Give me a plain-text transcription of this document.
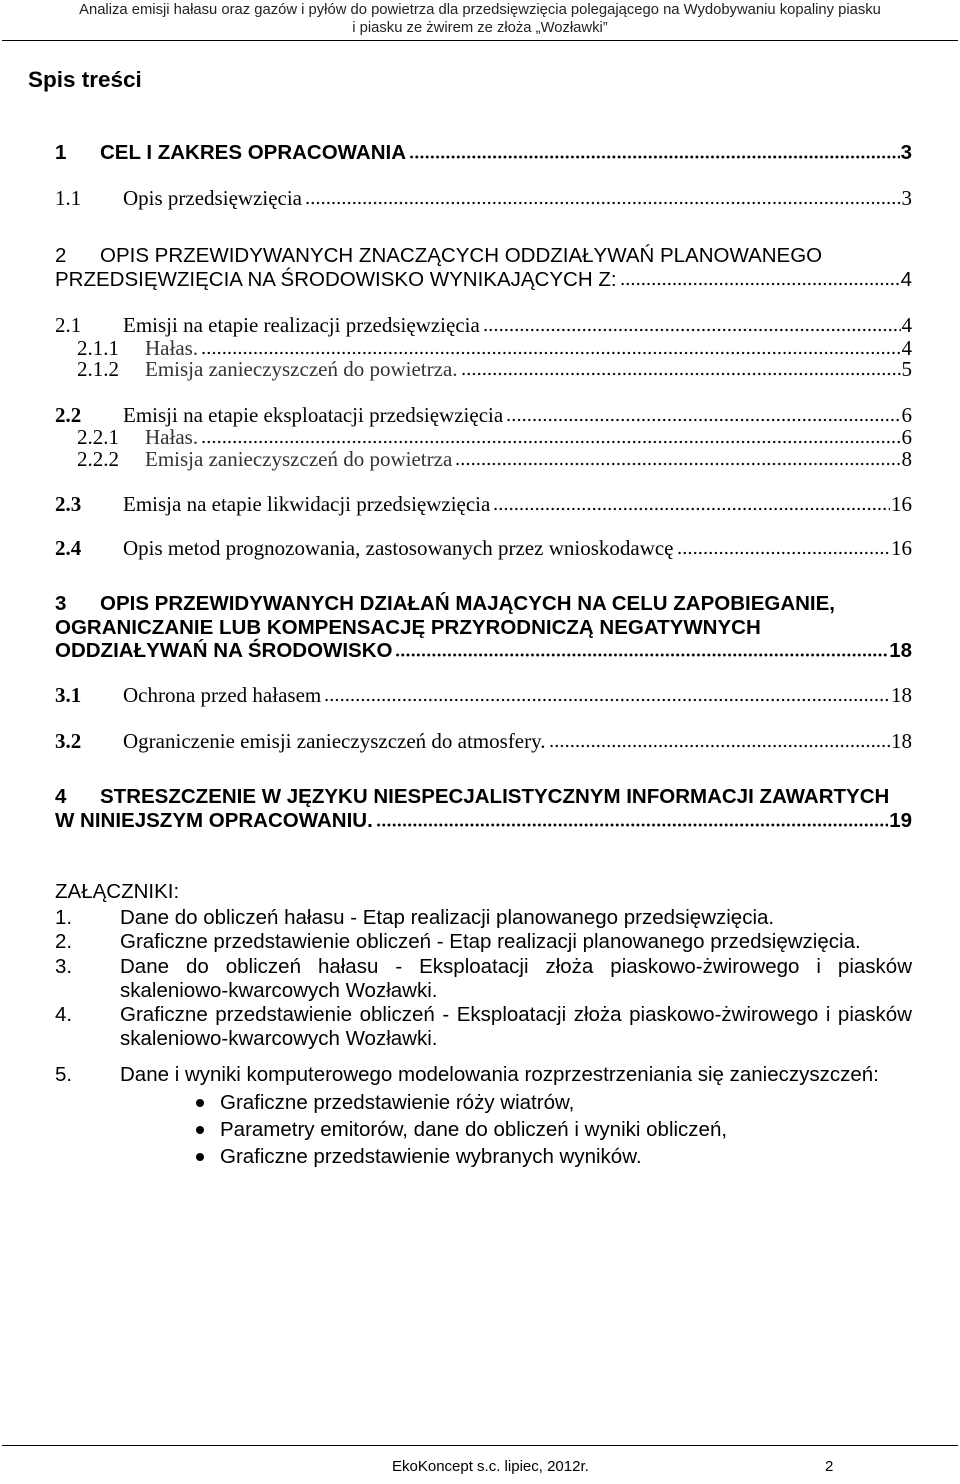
Analiza emisji hałasu oraz gazów i pyłów do powietrza dla przedsięwzięcia polegającego na Wydobywaniu kopaliny piasku
i piasku ze żwirem ze złoża „Wozławki”
Spis treści
1	CEL I ZAKRES OPRACOWANIA	3
1.1	Opis przedsięwzięcia	3
2 OPIS PRZEWIDYWANYCH ZNACZĄCYCH ODDZIAŁYWAŃ PLANOWANEGO
PRZEDSIĘWZIĘCIA NA ŚRODOWISKO WYNIKAJĄCYCH Z:	4
2.1	Emisji na etapie realizacji przedsięwzięcia	4
2.1.1	Hałas.	4
2.1.2	Emisja zanieczyszczeń do powietrza.	5
2.2	Emisji na etapie eksploatacji przedsięwzięcia	6
2.2.1	Hałas.	6
2.2.2	Emisja zanieczyszczeń do powietrza	8
2.3	Emisja na etapie likwidacji przedsięwzięcia	16
2.4	Opis metod prognozowania, zastosowanych przez wnioskodawcę	16
3 OPIS PRZEWIDYWANYCH DZIAŁAŃ MAJĄCYCH NA CELU ZAPOBIEGANIE,
OGRANICZANIE LUB KOMPENSACJĘ PRZYRODNICZĄ NEGATYWNYCH
ODDZIAŁYWAŃ NA ŚRODOWISKO	18
3.1	Ochrona przed hałasem	18
3.2	Ograniczenie emisji zanieczyszczeń do atmosfery.	18
4 STRESZCZENIE W JĘZYKU NIESPECJALISTYCZNYM INFORMACJI ZAWARTYCH
W NINIEJSZYM OPRACOWANIU.	19
ZAŁĄCZNIKI:
1. Dane do obliczeń hałasu - Etap realizacji planowanego przedsięwzięcia.
2. Graficzne przedstawienie obliczeń - Etap realizacji planowanego przedsięwzięcia.
3. Dane do obliczeń hałasu - Eksploatacji złoża piaskowo-żwirowego i piasków
skaleniowo-kwarcowych Wozławki.
4. Graficzne przedstawienie obliczeń - Eksploatacji złoża piaskowo-żwirowego i piasków
skaleniowo-kwarcowych Wozławki.
5. Dane i wyniki komputerowego modelowania rozprzestrzeniania się zanieczyszczeń:
Graficzne przedstawienie róży wiatrów,
Parametry emitorów, dane do obliczeń i wyniki obliczeń,
Graficzne przedstawienie wybranych wyników.
EkoKoncept s.c. lipiec, 2012r.	2
